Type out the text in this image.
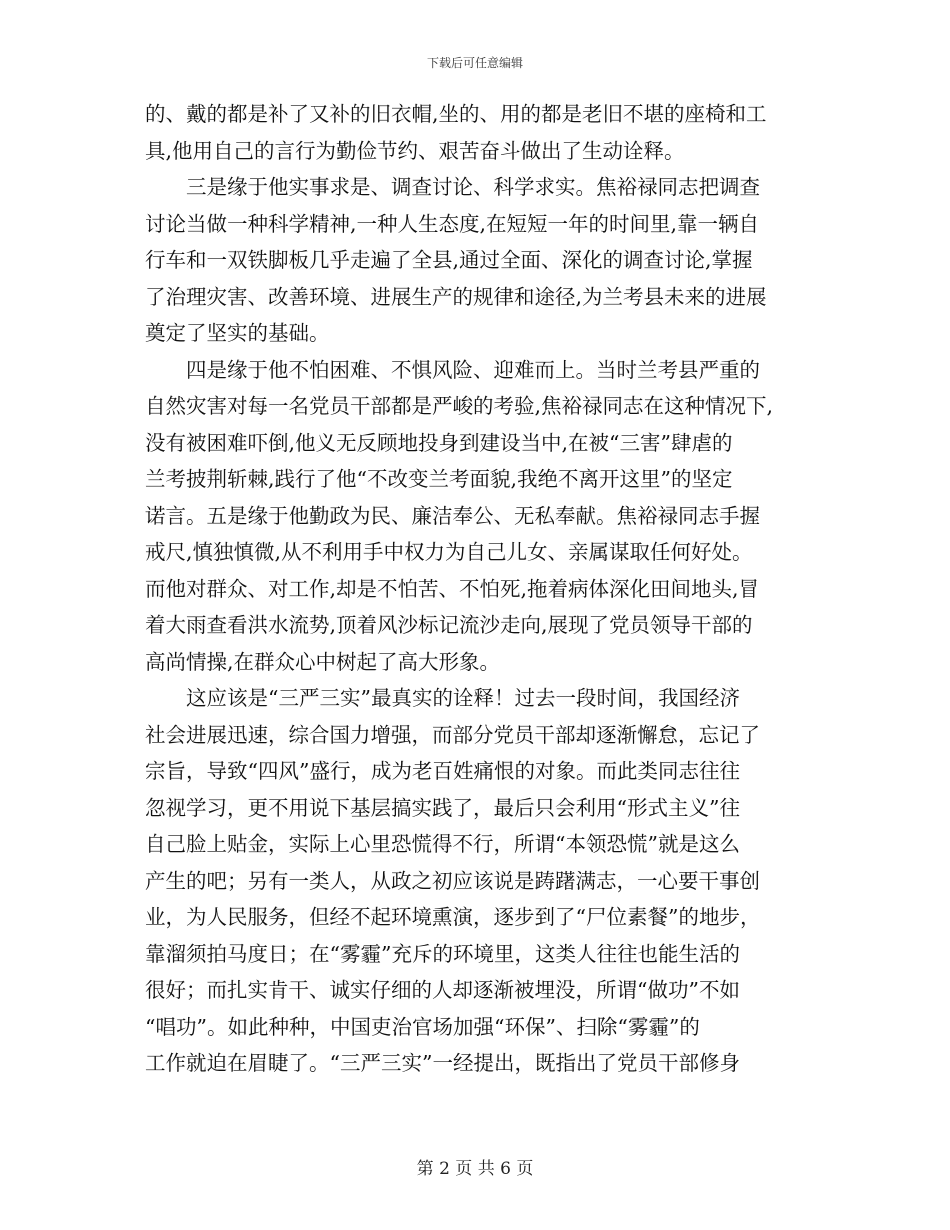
下载后可任意编辑
的、戴的都是补了又补的旧衣帽,坐的、用的都是老旧不堪的座椅和工
具,他用自己的言行为勤俭节约、艰苦奋斗做出了生动诠释。
三是缘于他实事求是、调查讨论、科学求实。焦裕禄同志把调查
讨论当做一种科学精神,一种人生态度,在短短一年的时间里,靠一辆自
行车和一双铁脚板几乎走遍了全县,通过全面、深化的调查讨论,掌握
了治理灾害、改善环境、进展生产的规律和途径,为兰考县未来的进展
奠定了坚实的基础。
四是缘于他不怕困难、不惧风险、迎难而上。当时兰考县严重的
自然灾害对每一名党员干部都是严峻的考验,焦裕禄同志在这种情况下,
没有被困难吓倒,他义无反顾地投身到建设当中,在被“三害”肆虐的
兰考披荆斩棘,践行了他“不改变兰考面貌,我绝不离开这里”的坚定
诺言。五是缘于他勤政为民、廉洁奉公、无私奉献。焦裕禄同志手握
戒尺,慎独慎微,从不利用手中权力为自己儿女、亲属谋取任何好处。
而他对群众、对工作,却是不怕苦、不怕死,拖着病体深化田间地头,冒
着大雨查看洪水流势,顶着风沙标记流沙走向,展现了党员领导干部的
高尚情操,在群众心中树起了高大形象。
这应该是“三严三实”最真实的诠释！过去一段时间，我国经济
社会进展迅速，综合国力增强，而部分党员干部却逐渐懈怠，忘记了
宗旨，导致“四风”盛行，成为老百姓痛恨的对象。而此类同志往往
忽视学习，更不用说下基层搞实践了，最后只会利用“形式主义”往
自己脸上贴金，实际上心里恐慌得不行，所谓“本领恐慌”就是这么
产生的吧；另有一类人，从政之初应该说是踌躇满志，一心要干事创
业，为人民服务，但经不起环境熏演，逐步到了“尸位素餐”的地步，
靠溜须拍马度日；在“雾霾”充斥的环境里，这类人往往也能生活的
很好；而扎实肯干、诚实仔细的人却逐渐被埋没，所谓“做功”不如
“唱功”。如此种种，中国吏治官场加强“环保”、扫除“雾霾”的
工作就迫在眉睫了。“三严三实”一经提出，既指出了党员干部修身
第 2 页 共 6 页
